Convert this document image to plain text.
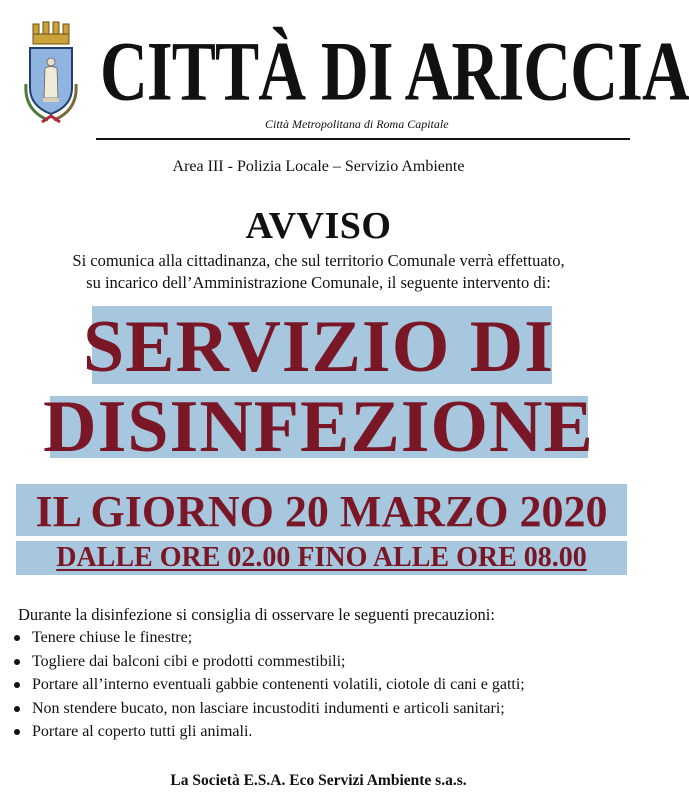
CITTÀ DI ARICCIA
Città Metropolitana di Roma Capitale
Area III - Polizia Locale – Servizio Ambiente
AVVISO
Si comunica alla cittadinanza, che sul territorio Comunale verrà effettuato,
su incarico dell’Amministrazione Comunale, il seguente intervento di:
SERVIZIO DI
DISINFEZIONE
IL GIORNO 20 MARZO 2020
DALLE ORE 02.00 FINO ALLE ORE 08.00
Durante la disinfezione si consiglia di osservare le seguenti precauzioni:
Tenere chiuse le finestre;
Togliere dai balconi cibi e prodotti commestibili;
Portare all’interno eventuali gabbie contenenti volatili, ciotole di cani e gatti;
Non stendere bucato, non lasciare incustoditi indumenti e articoli sanitari;
Portare al coperto tutti gli animali.
La Società E.S.A. Eco Servizi Ambiente s.a.s.
